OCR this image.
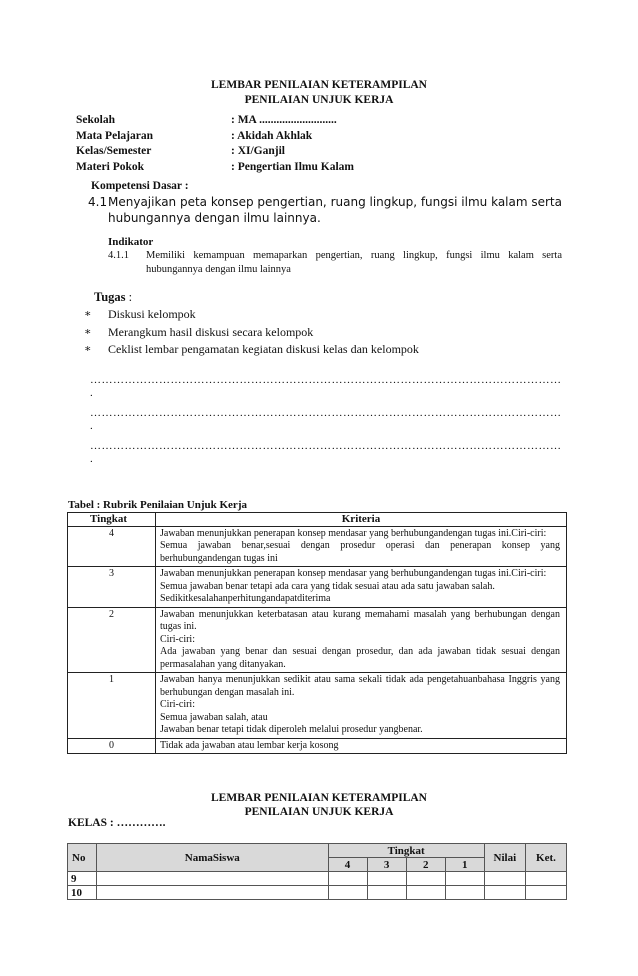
LEMBAR PENILAIAN KETERAMPILAN
PENILAIAN UNJUK KERJA
Sekolah	: MA ...........................
Mata Pelajaran	: Akidah Akhlak
Kelas/Semester	: XI/Ganjil
Materi Pokok	: Pengertian Ilmu Kalam
Kompetensi Dasar :
4.1 Menyajikan peta konsep pengertian, ruang lingkup, fungsi ilmu kalam serta hubungannya dengan ilmu lainnya.
Indikator
4.1.1	Memiliki kemampuan memaparkan pengertian, ruang lingkup, fungsi ilmu kalam serta hubungannya dengan ilmu lainnya
Tugas :
∗ Diskusi kelompok
∗ Merangkum hasil diskusi secara kelompok
∗ Ceklist lembar pengamatan kegiatan diskusi kelas dan kelompok
……………………………………………………………………………………………………………
.
……………………………………………………………………………………………………………
.
……………………………………………………………………………………………………………
.
Tabel : Rubrik Penilaian Unjuk Kerja
Tingkat	Kriteria
4	Jawaban menunjukkan penerapan konsep mendasar yang berhubungandengan tugas ini.Ciri-ciri:
Semua jawaban benar,sesuai dengan prosedur operasi dan penerapan konsep yang berhubungandengan tugas ini

3	Jawaban menunjukkan penerapan konsep mendasar yang berhubungandengan tugas ini.Ciri-ciri:
Semua jawaban benar tetapi ada cara yang tidak sesuai atau ada satu jawaban salah.
Sedikitkesalahanperhitungandapatditerima

2	Jawaban menunjukkan keterbatasan atau kurang memahami masalah yang berhubungan dengan tugas ini.
Ciri-ciri:
Ada jawaban yang benar dan sesuai dengan prosedur, dan ada jawaban tidak sesuai dengan permasalahan yang ditanyakan.

1	Jawaban hanya menunjukkan sedikit atau sama sekali tidak ada pengetahuanbahasa Inggris yang berhubungan dengan masalah ini.
Ciri-ciri:
Semua jawaban salah, atau
Jawaban benar tetapi tidak diperoleh melalui prosedur yangbenar.

0	Tidak ada jawaban atau lembar kerja kosong
LEMBAR PENILAIAN KETERAMPILAN
PENILAIAN UNJUK KERJA
KELAS : ………….
No	NamaSiswa	Tingkat				Nilai	Ket.
		4	3	2	1		
9							
10							
